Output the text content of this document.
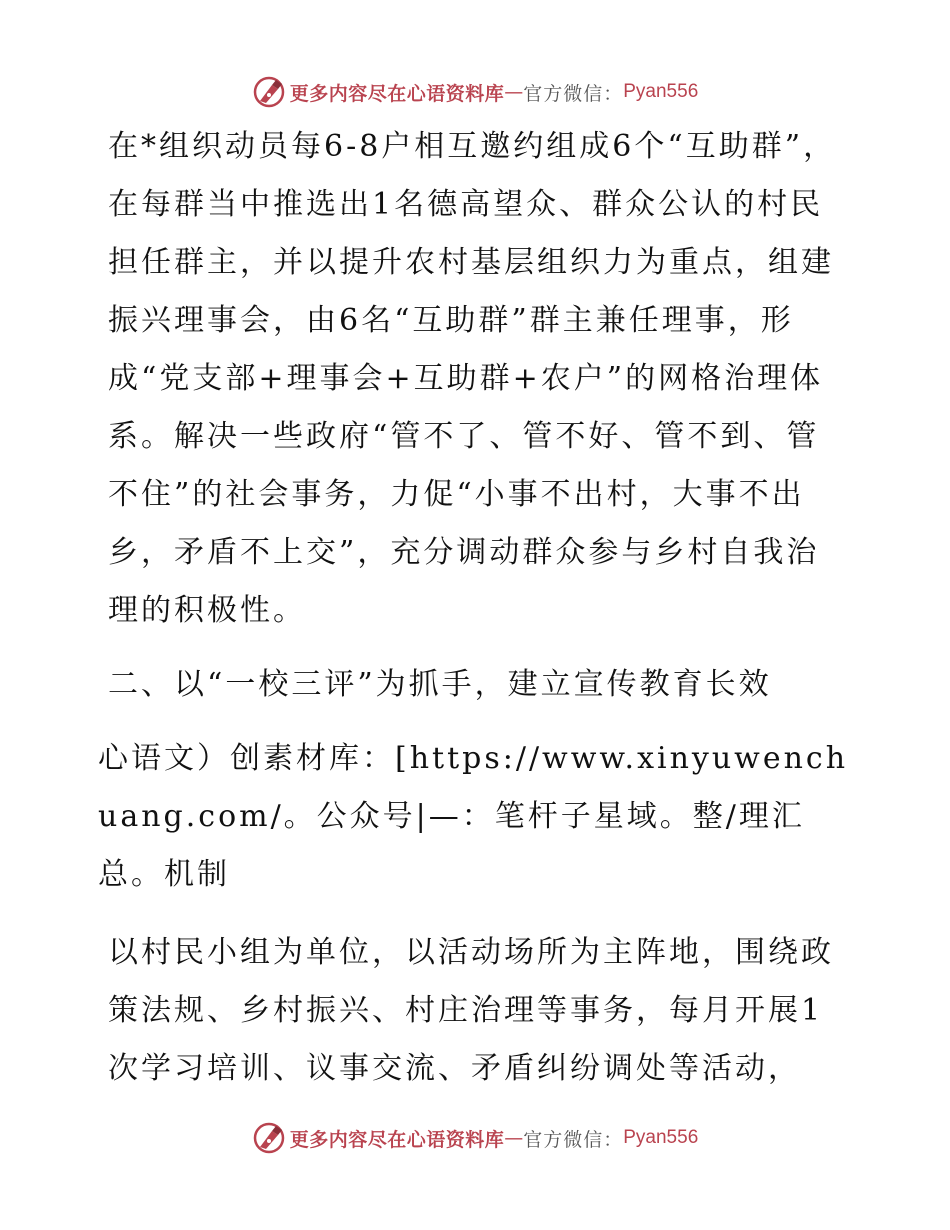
更多内容尽在心语资料库 — 官方微信： Pyan556

在*组织动员每6-8户相互邀约组成6个“互助群”，在每群当中推选出1名德高望众、群众公认的村民担任群主，并以提升农村基层组织力为重点，组建振兴理事会，由6名“互助群”群主兼任理事，形成“党支部+理事会+互助群+农户”的网格治理体系。解决一些政府“管不了、管不好、管不到、管不住”的社会事务，力促“小事不出村，大事不出乡，矛盾不上交”，充分调动群众参与乡村自我治理的积极性。

二、以“一校三评”为抓手，建立宣传教育长效

心语文）创素材库：[https://www.xinyuwenchuang.com/。公众号|—：笔杆子星域。整/理汇总。机制

以村民小组为单位，以活动场所为主阵地，围绕政策法规、乡村振兴、村庄治理等事务，每月开展1次学习培训、议事交流、矛盾纠纷调处等活动，

更多内容尽在心语资料库 — 官方微信： Pyan556
